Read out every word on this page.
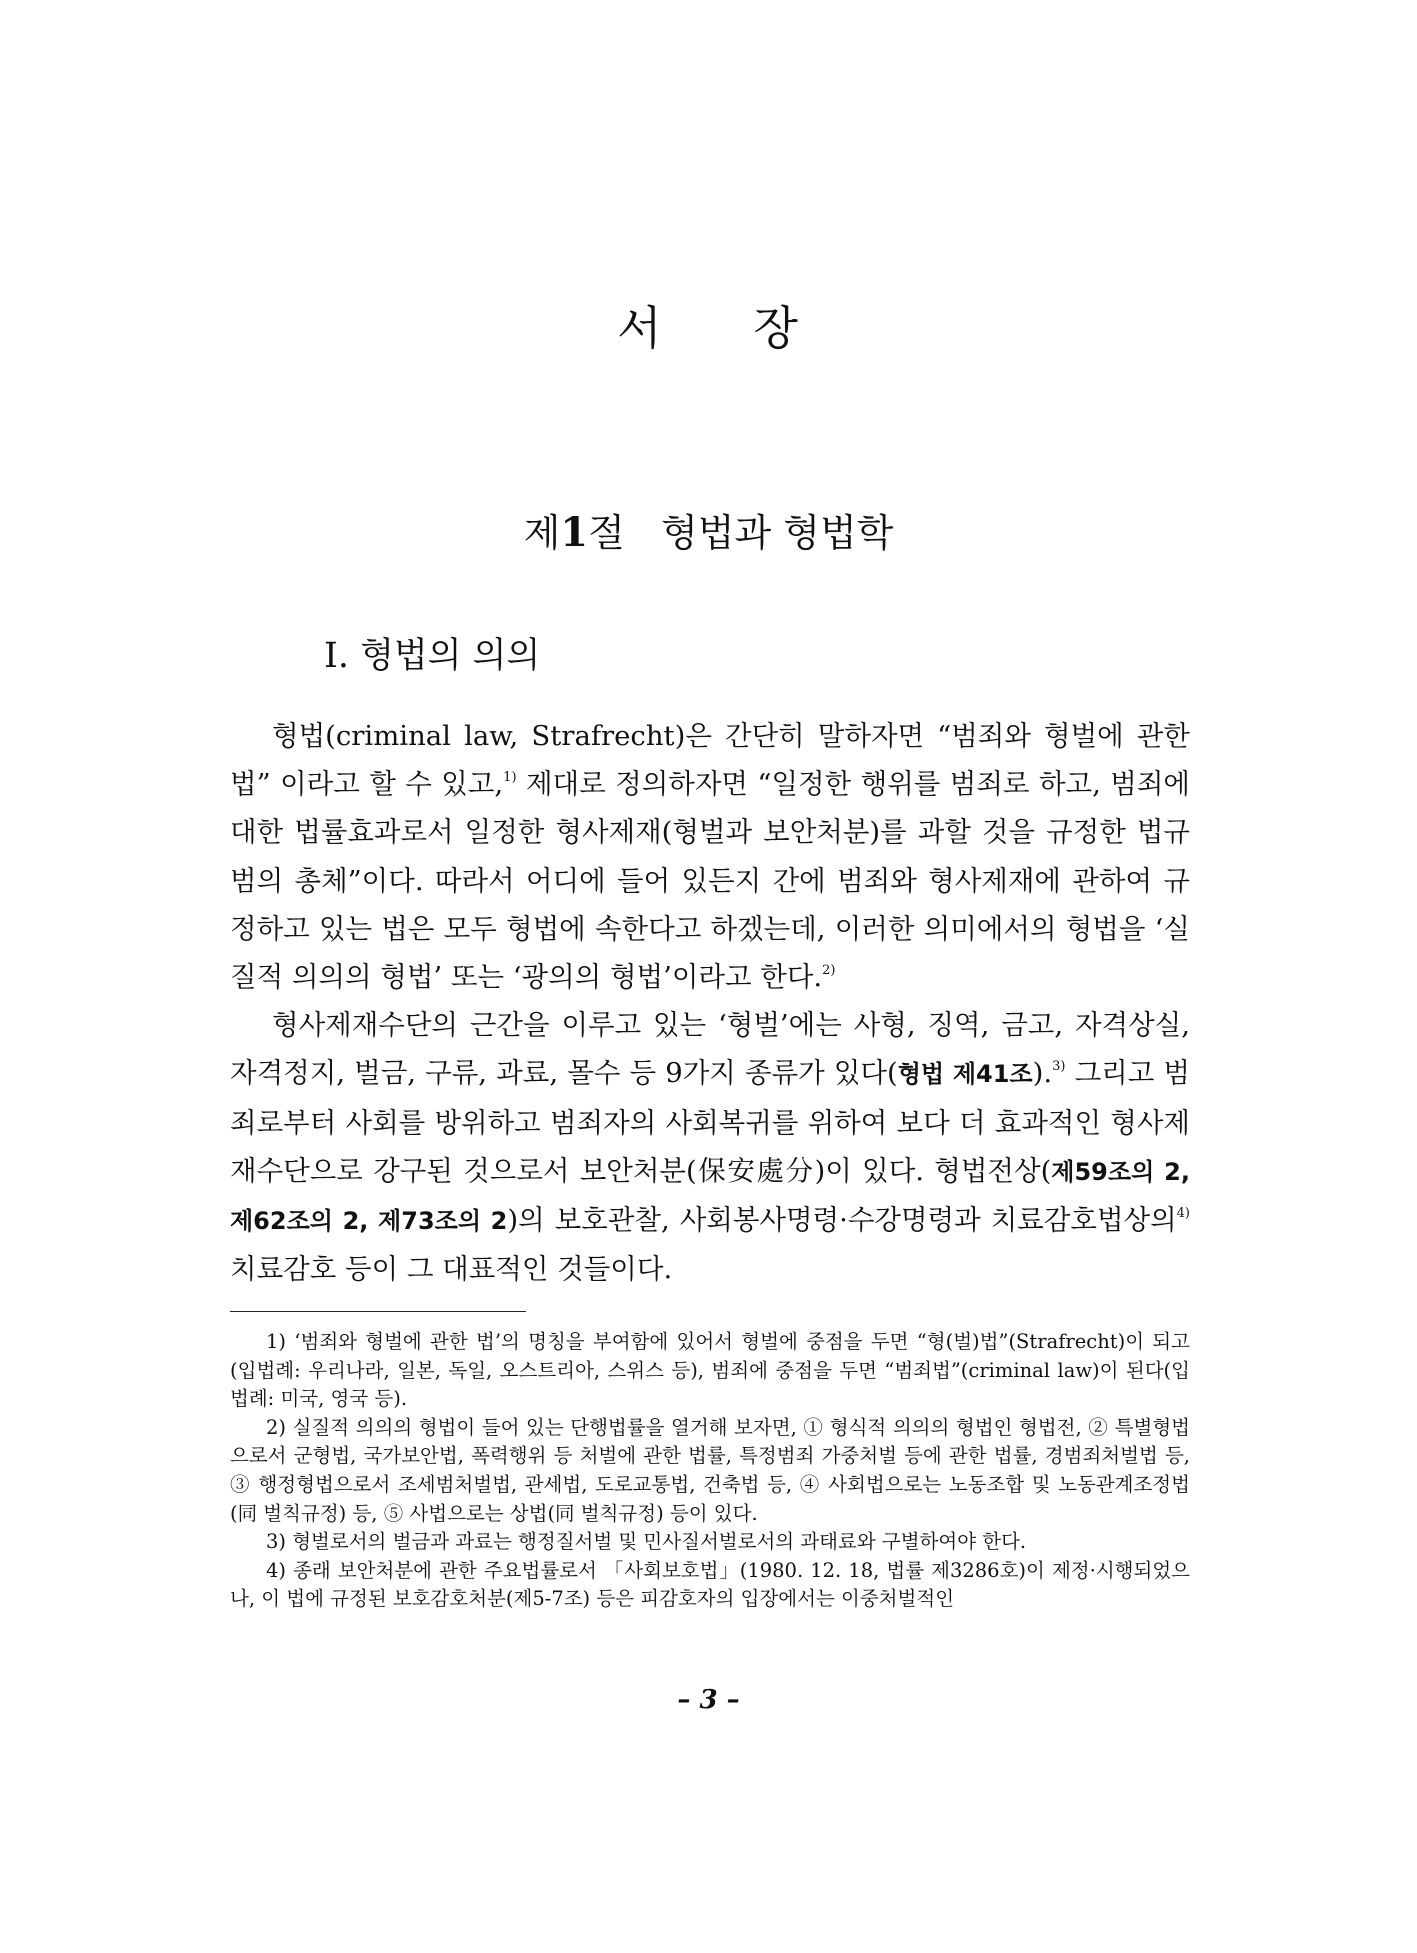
서 장
제1절 형법과 형법학
Ⅰ. 형법의 의의

형법(criminal law, Strafrecht)은 간단히 말하자면 “범죄와 형벌에 관한 법” 이라고 할 수 있고,$^{1)}$ 제대로 정의하자면 “일정한 행위를 범죄로 하고, 범죄에 대한 법률효과로서 일정한 형사제재(형벌과 보안처분)를 과할 것을 규정한 법규범의 총체”이다. 따라서 어디에 들어 있든지 간에 범죄와 형사제재에 관하여 규정하고 있는 법은 모두 형법에 속한다고 하겠는데, 이러한 의미에서의 형법을 ‘실질적 의의의 형법’ 또는 ‘광의의 형법’이라고 한다.$^{2)}$

형사제재수단의 근간을 이루고 있는 ‘형벌’에는 사형, 징역, 금고, 자격상실, 자격정지, 벌금, 구류, 과료, 몰수 등 9가지 종류가 있다(형법 제41조).$^{3)}$ 그리고 범죄로부터 사회를 방위하고 범죄자의 사회복귀를 위하여 보다 더 효과적인 형사제재수단으로 강구된 것으로서 보안처분(保安處分)이 있다. 형법전상(제59조의 2, 제62조의 2, 제73조의 2)의 보호관찰, 사회봉사명령·수강명령과 치료감호법상의$^{4)}$ 치료감호 등이 그 대표적인 것들이다.

1) ‘범죄와 형벌에 관한 법’의 명칭을 부여함에 있어서 형벌에 중점을 두면 “형(벌)법”(Strafrecht)이 되고(입법례: 우리나라, 일본, 독일, 오스트리아, 스위스 등), 범죄에 중점을 두면 “범죄법”(criminal law)이 된다(입법례: 미국, 영국 등).

2) 실질적 의의의 형법이 들어 있는 단행법률을 열거해 보자면, ① 형식적 의의의 형법인 형법전, ② 특별형법으로서 군형법, 국가보안법, 폭력행위 등 처벌에 관한 법률, 특정범죄 가중처벌 등에 관한 법률, 경범죄처벌법 등, ③ 행정형법으로서 조세범처벌법, 관세법, 도로교통법, 건축법 등, ④ 사회법으로는 노동조합 및 노동관계조정법(同 벌칙규정) 등, ⑤ 사법으로는 상법(同 벌칙규정) 등이 있다.

3) 형벌로서의 벌금과 과료는 행정질서벌 및 민사질서벌로서의 과태료와 구별하여야 한다.

4) 종래 보안처분에 관한 주요법률로서 「사회보호법」(1980. 12. 18, 법률 제3286호)이 제정·시행되었으나, 이 법에 규정된 보호감호처분(제5-7조) 등은 피감호자의 입장에서는 이중처벌적인

– 3 –
